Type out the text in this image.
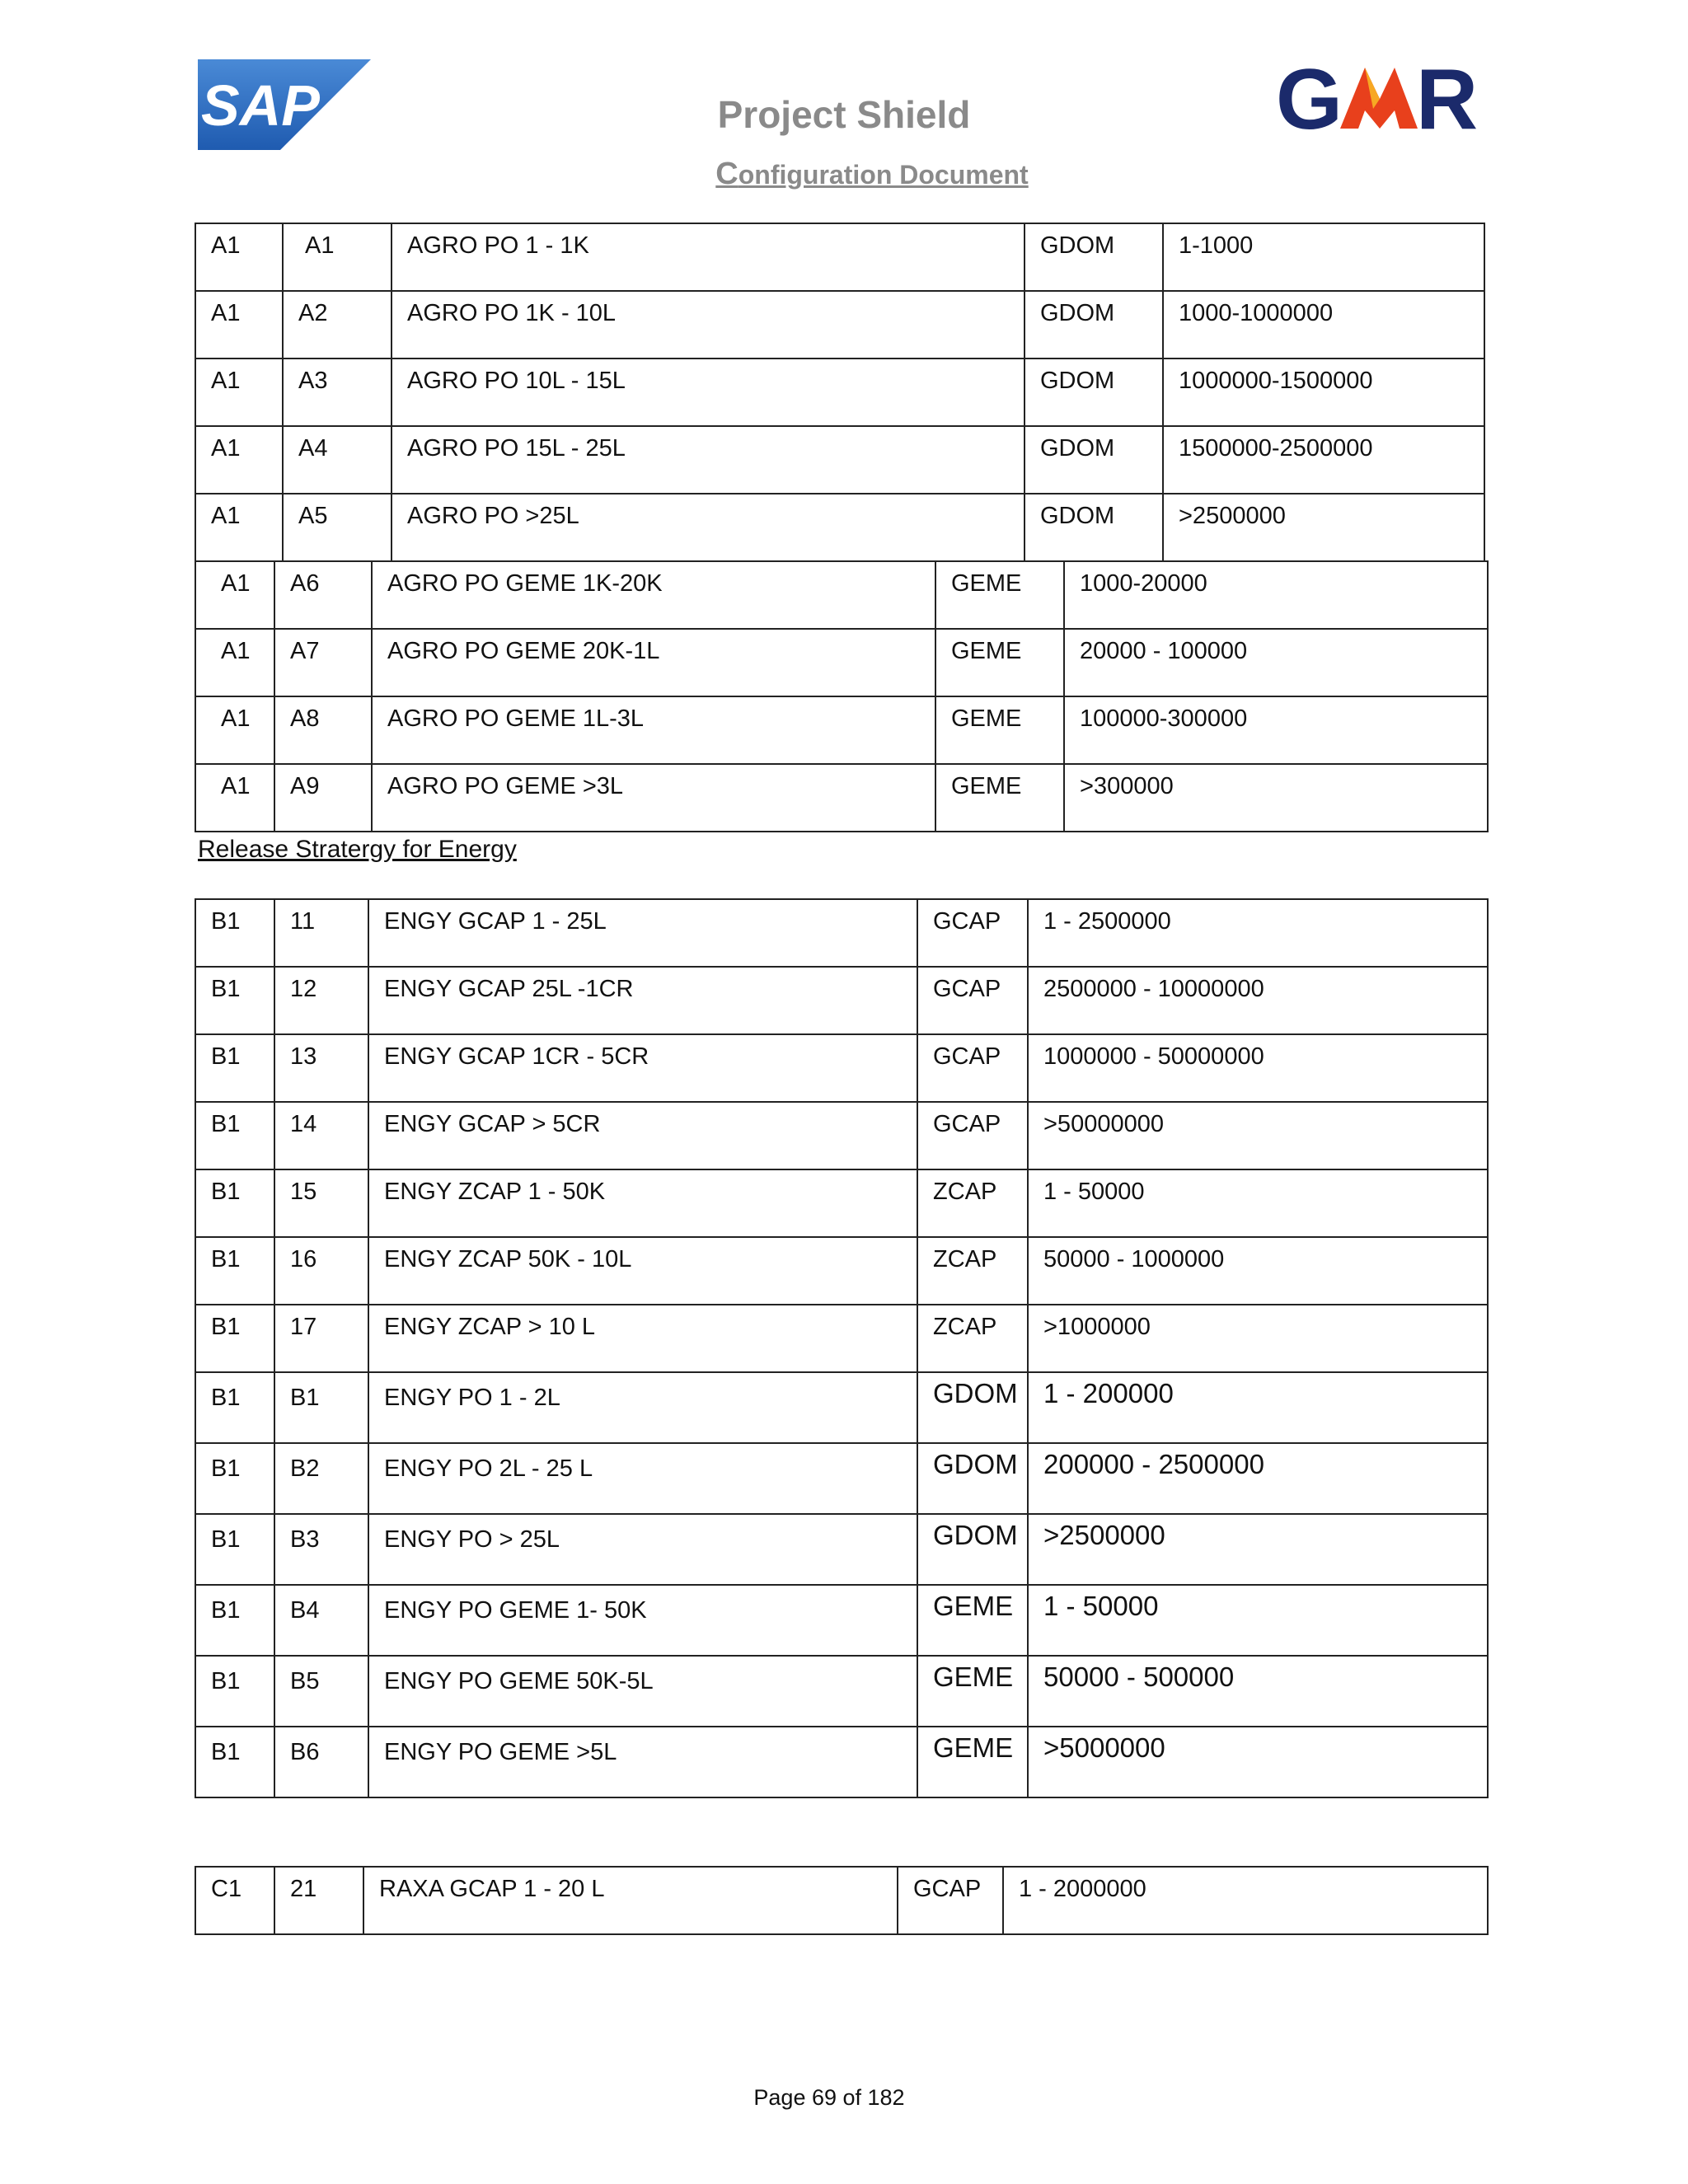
SAP	G R
Project Shield
Configuration Document
A1	A1	AGRO PO 1 - 1K	GDOM	1-1000
A1	A2	AGRO PO 1K - 10L	GDOM	1000-1000000
A1	A3	AGRO PO 10L - 15L	GDOM	1000000-1500000
A1	A4	AGRO PO 15L - 25L	GDOM	1500000-2500000
A1	A5	AGRO PO >25L	GDOM	>2500000
A1	A6	AGRO PO GEME 1K-20K	GEME	1000-20000
A1	A7	AGRO PO GEME 20K-1L	GEME	20000 - 100000
A1	A8	AGRO PO GEME 1L-3L	GEME	100000-300000
A1	A9	AGRO PO GEME >3L	GEME	>300000
Release Stratergy for Energy
B1	11	ENGY GCAP 1 - 25L	GCAP	1 - 2500000
B1	12	ENGY GCAP 25L -1CR	GCAP	2500000 - 10000000
B1	13	ENGY GCAP 1CR - 5CR	GCAP	1000000 - 50000000
B1	14	ENGY GCAP > 5CR	GCAP	>50000000
B1	15	ENGY ZCAP 1 - 50K	ZCAP	1 - 50000
B1	16	ENGY ZCAP 50K - 10L	ZCAP	50000 - 1000000
B1	17	ENGY ZCAP > 10 L	ZCAP	>1000000
B1	B1	ENGY PO 1 - 2L	GDOM	1 - 200000
B1	B2	ENGY PO 2L - 25 L	GDOM	200000 - 2500000
B1	B3	ENGY PO > 25L	GDOM	>2500000
B1	B4	ENGY PO GEME 1- 50K	GEME	1 - 50000
B1	B5	ENGY PO GEME 50K-5L	GEME	50000 - 500000
B1	B6	ENGY PO GEME >5L	GEME	>5000000
C1	21	RAXA GCAP 1 - 20 L	GCAP	1 - 2000000
Page 69 of 182
